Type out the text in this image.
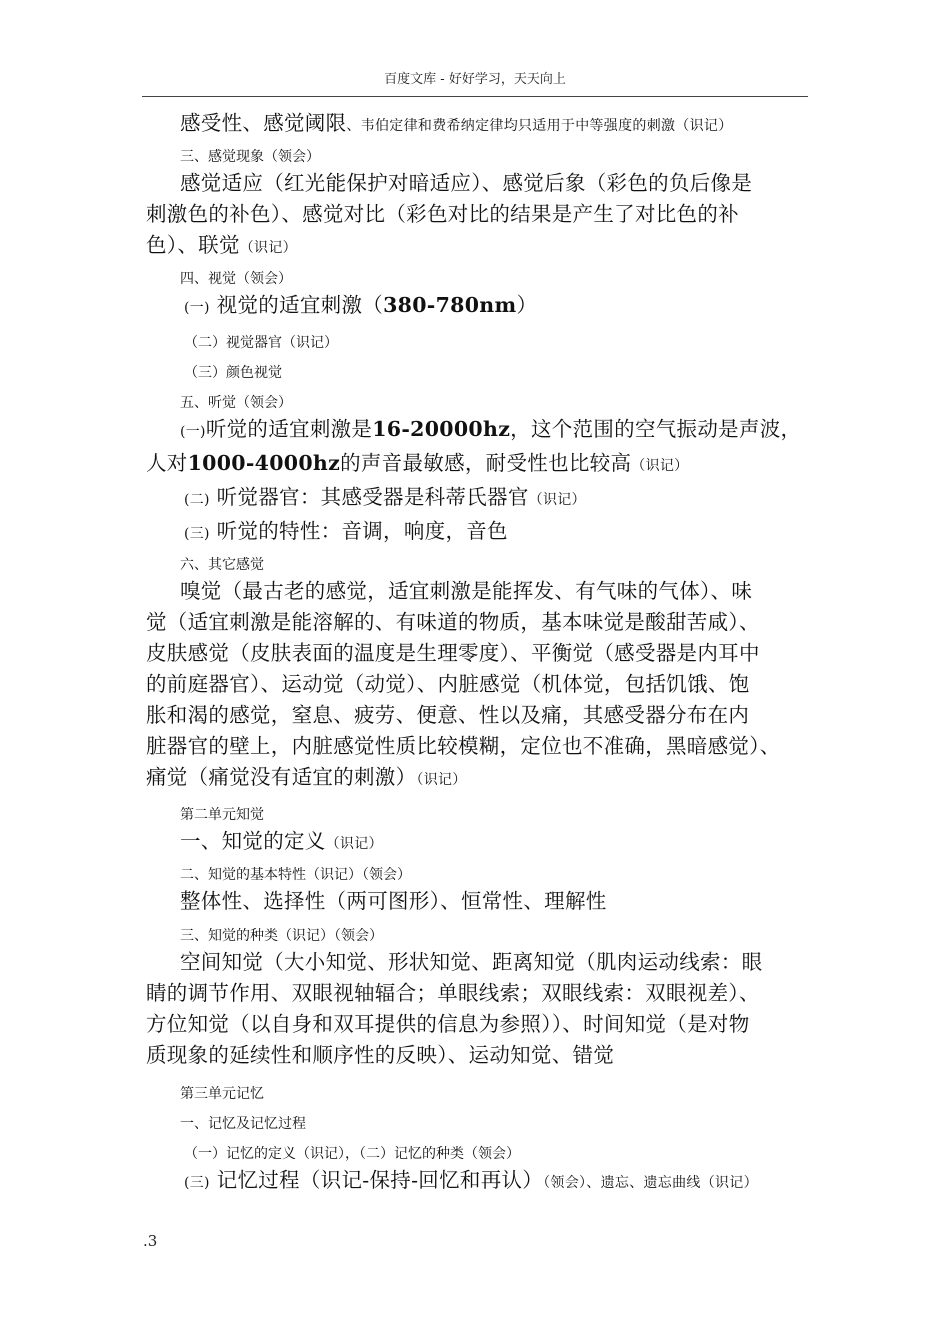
百度文库 - 好好学习，天天向上
感受性、感觉阈限、韦伯定律和费希纳定律均只适用于中等强度的刺激（识记）
三、感觉现象（领会）
感觉适应（红光能保护对暗适应）、感觉后象（彩色的负后像是
刺激色的补色）、感觉对比（彩色对比的结果是产生了对比色的补
色）、联觉（识记）
四、视觉（领会）
(一) 视觉的适宜刺激（380-780nm）
（二）视觉器官（识记）
（三）颜色视觉
五、听觉（领会）
(一)听觉的适宜刺激是16-20000hz，这个范围的空气振动是声波，
人对1000-4000hz的声音最敏感，耐受性也比较高（识记）
(二) 听觉器官：其感受器是科蒂氏器官（识记）
(三) 听觉的特性：音调，响度，音色
六、其它感觉
嗅觉（最古老的感觉，适宜刺激是能挥发、有气味的气体）、味
觉（适宜刺激是能溶解的、有味道的物质，基本味觉是酸甜苦咸）、
皮肤感觉（皮肤表面的温度是生理零度）、平衡觉（感受器是内耳中
的前庭器官）、运动觉（动觉）、内脏感觉（机体觉，包括饥饿、饱
胀和渴的感觉，窒息、疲劳、便意、性以及痛，其感受器分布在内
脏器官的壁上，内脏感觉性质比较模糊，定位也不准确，黑暗感觉）、
痛觉（痛觉没有适宜的刺激）（识记）
第二单元知觉
一、知觉的定义（识记）
二、知觉的基本特性（识记）（领会）
整体性、选择性（两可图形）、恒常性、理解性
三、知觉的种类（识记）（领会）
空间知觉（大小知觉、形状知觉、距离知觉（肌肉运动线索：眼
睛的调节作用、双眼视轴辐合；单眼线索；双眼线索：双眼视差）、
方位知觉（以自身和双耳提供的信息为参照））、时间知觉（是对物
质现象的延续性和顺序性的反映）、运动知觉、错觉
第三单元记忆
一、记忆及记忆过程
（一）记忆的定义（识记），（二）记忆的种类（领会）
(三) 记忆过程（识记-保持-回忆和再认）（领会）、遗忘、遗忘曲线（识记）
.3
